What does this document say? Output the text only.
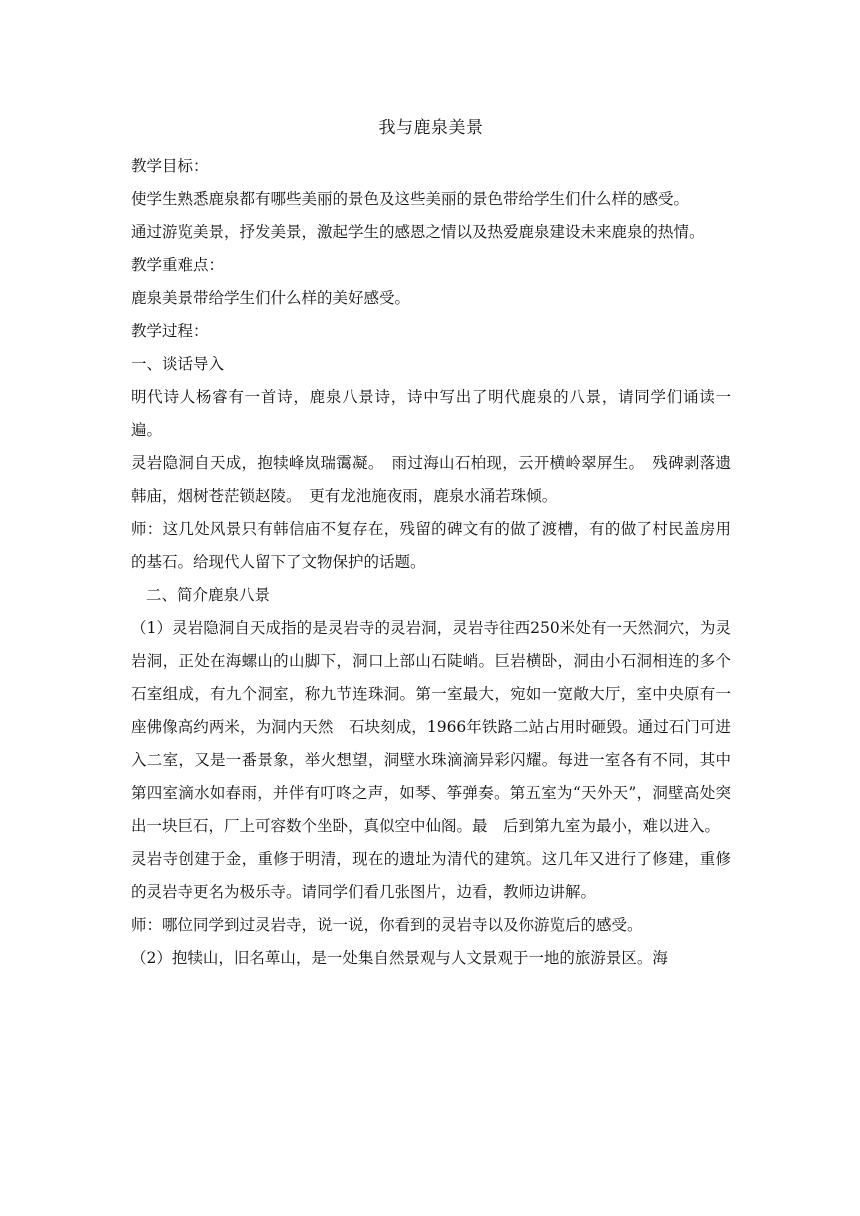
我与鹿泉美景

教学目标：

使学生熟悉鹿泉都有哪些美丽的景色及这些美丽的景色带给学生们什么样的感受。

通过游览美景，抒发美景，激起学生的感恩之情以及热爱鹿泉建设未来鹿泉的热情。

教学重难点：

鹿泉美景带给学生们什么样的美好感受。

教学过程：

一、谈话导入

明代诗人杨睿有一首诗，鹿泉八景诗，诗中写出了明代鹿泉的八景，请同学们诵读一遍。

灵岩隐洞自天成，抱犊峰岚瑞霭凝。　雨过海山石柏现，云开横岭翠屏生。　残碑剥落遗韩庙，烟树苍茫锁赵陵。　更有龙池施夜雨，鹿泉水涌若珠倾。

师：这几处风景只有韩信庙不复存在，残留的碑文有的做了渡槽，有的做了村民盖房用的基石。给现代人留下了文物保护的话题。

二、简介鹿泉八景

（1）灵岩隐洞自天成指的是灵岩寺的灵岩洞，灵岩寺往西250米处有一天然洞穴，为灵岩洞，正处在海螺山的山脚下，洞口上部山石陡峭。巨岩横卧，洞由小石洞相连的多个石室组成，有九个洞室，称九节连珠洞。第一室最大，宛如一宽敞大厅，室中央原有一座佛像高约两米，为洞内天然　石块刻成，1966年铁路二站占用时砸毁。通过石门可进入二室，又是一番景象，举火想望，洞壁水珠滴滴异彩闪耀。每进一室各有不同，其中　第四室滴水如春雨，并伴有叮咚之声，如琴、筝弹奏。第五室为“天外天”，洞壁高处突出一块巨石，厂上可容数个坐卧，真似空中仙阁。最　后到第九室为最小，难以进入。

灵岩寺创建于金，重修于明清，现在的遗址为清代的建筑。这几年又进行了修建，重修的灵岩寺更名为极乐寺。请同学们看几张图片，边看，教师边讲解。

师：哪位同学到过灵岩寺，说一说，你看到的灵岩寺以及你游览后的感受。

（2）抱犊山，旧名萆山，是一处集自然景观与人文景观于一地的旅游景区。海
